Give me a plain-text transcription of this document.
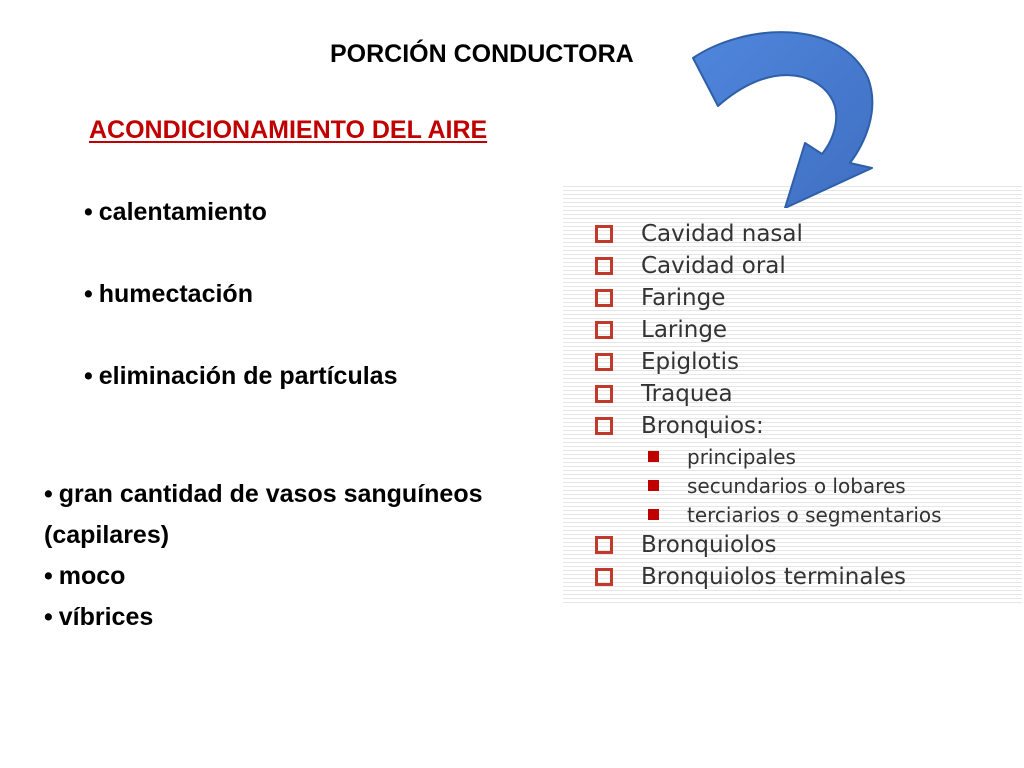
PORCIÓN CONDUCTORA
ACONDICIONAMIENTO DEL AIRE
• calentamiento
• humectación
• eliminación de partículas
• gran cantidad de vasos sanguíneos (capilares)
• moco
• víbrices
Cavidad nasal
Cavidad oral
Faringe
Laringe
Epiglotis
Traquea
Bronquios:
principales
secundarios o lobares
terciarios o segmentarios
Bronquiolos
Bronquiolos terminales
